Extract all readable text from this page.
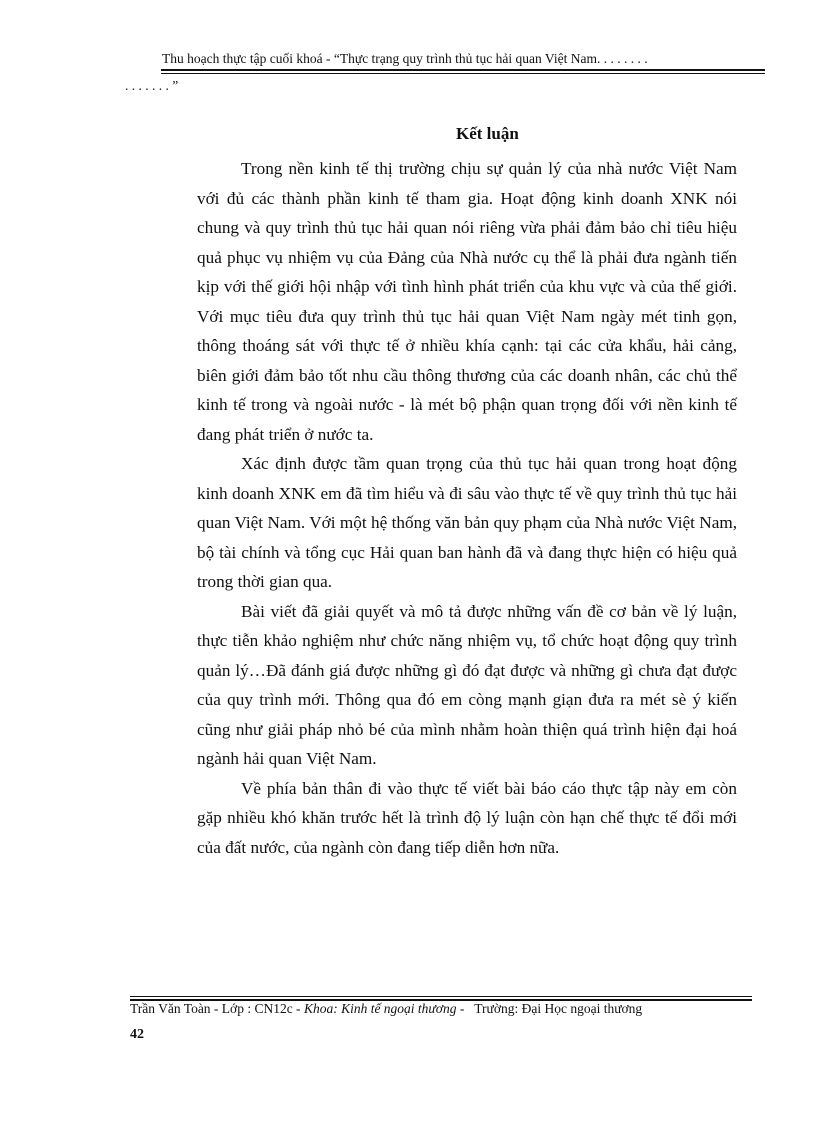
Thu hoạch thực tập cuối khoá - “Thực trạng quy trình thủ tục hải quan Việt Nam. . . . . . . .
. . . . . . . ”
Kết luận

Trong nền kinh tế thị trường chịu sự quản lý của nhà nước Việt Nam với đủ các thành phần kinh tế tham gia. Hoạt động kinh doanh XNK nói chung và quy trình thủ tục hải quan nói riêng vừa phải đảm bảo chỉ tiêu hiệu quả phục vụ nhiệm vụ của Đảng của Nhà nước cụ thể là phải đưa ngành tiến kịp với thế giới hội nhập với tình hình phát triển của khu vực và của thế giới. Với mục tiêu đưa quy trình thủ tục hải quan Việt Nam ngày mét tinh gọn, thông thoáng sát với thực tế ở nhiều khía cạnh: tại các cửa khẩu, hải cảng, biên giới đảm bảo tốt nhu cầu thông thương của các doanh nhân, các chủ thể kinh tế trong và ngoài nước - là mét bộ phận quan trọng đối với nền kinh tế đang phát triển ở nước ta.

Xác định được tầm quan trọng của thủ tục hải quan trong hoạt động kinh doanh XNK em đã tìm hiểu và đi sâu vào thực tế về quy trình thủ tục hải quan Việt Nam. Với một hệ thống văn bản quy phạm của Nhà nước Việt Nam, bộ tài chính và tổng cục Hải quan ban hành đã và đang thực hiện có hiệu quả trong thời gian qua.

Bài viết đã giải quyết và mô tả được những vấn đề cơ bản về lý luận, thực tiễn khảo nghiệm như chức năng nhiệm vụ, tổ chức hoạt động quy trình quản lý…Đã đánh giá được những gì đó đạt được và những gì chưa đạt được của quy trình mới. Thông qua đó em còng mạnh giạn đưa ra mét sè ý kiến cũng như giải pháp nhỏ bé của mình nhằm hoàn thiện quá trình hiện đại hoá ngành hải quan Việt Nam.

Về phía bản thân đi vào thực tế viết bài báo cáo thực tập này em còn gặp nhiều khó khăn trước hết là trình độ lý luận còn hạn chế thực tế đổi mới của đất nước, của ngành còn đang tiếp diễn hơn nữa.

Trần Văn Toàn - Lớp : CN12c - Khoa: Kinh tế ngoại thương -   Trường: Đại Học ngoại thương
42
